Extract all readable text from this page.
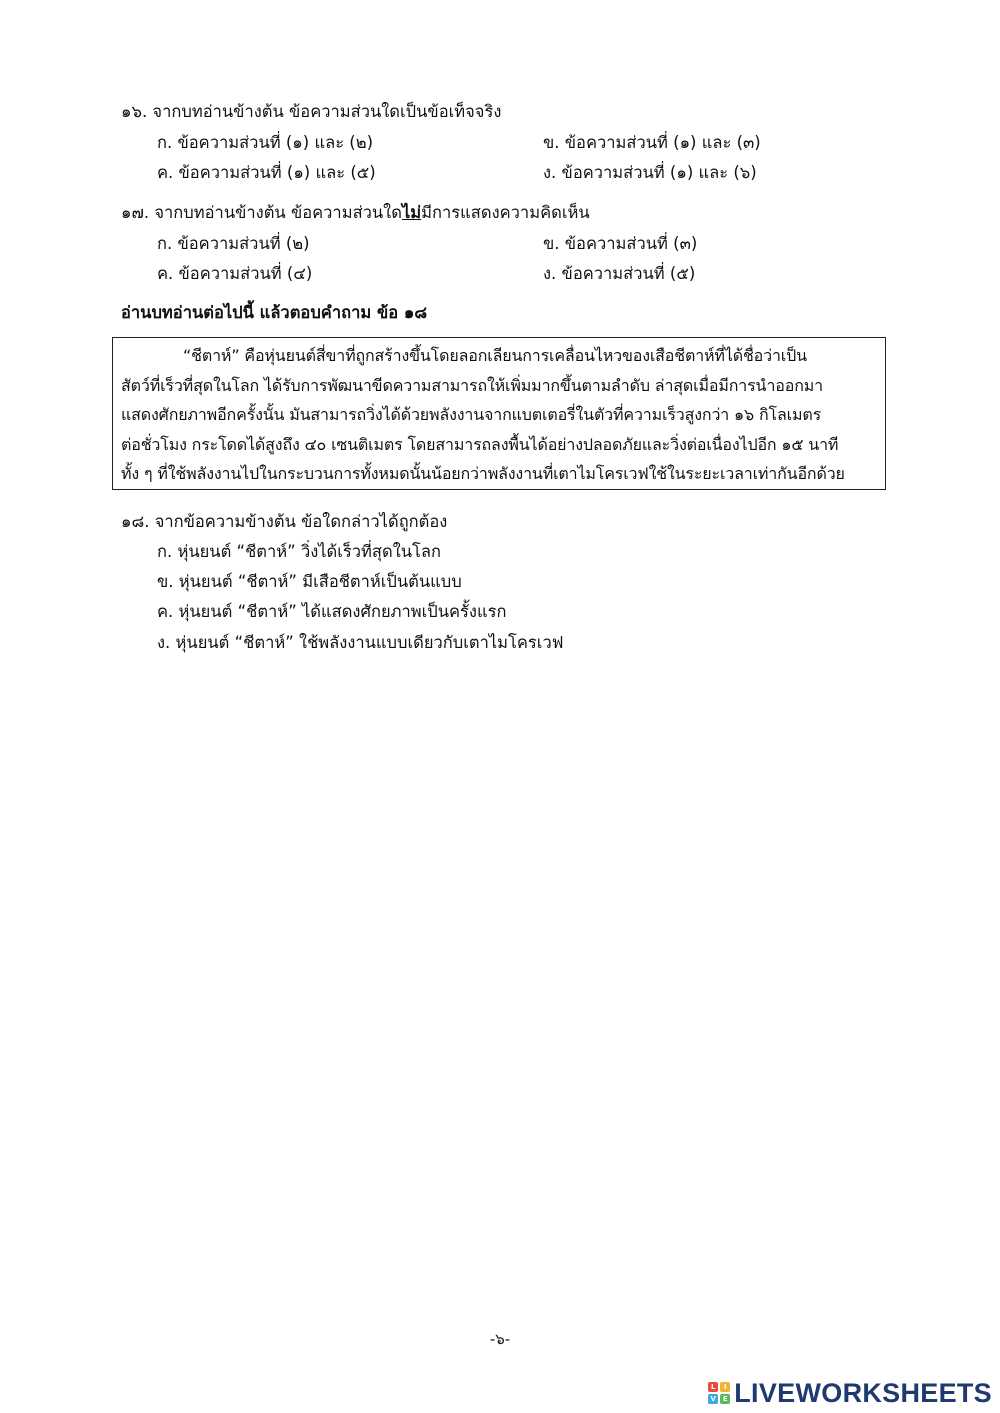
๑๖. จากบทอ่านข้างต้น ข้อความส่วนใดเป็นข้อเท็จจริง
ก. ข้อความส่วนที่ (๑) และ (๒)	ข. ข้อความส่วนที่ (๑) และ (๓)
ค. ข้อความส่วนที่ (๑) และ (๕)	ง. ข้อความส่วนที่ (๑) และ (๖)
๑๗. จากบทอ่านข้างต้น ข้อความส่วนใดไม่มีการแสดงความคิดเห็น
ก. ข้อความส่วนที่ (๒)	ข. ข้อความส่วนที่ (๓)
ค. ข้อความส่วนที่ (๔)	ง. ข้อความส่วนที่ (๕)
อ่านบทอ่านต่อไปนี้ แล้วตอบคำถาม ข้อ ๑๘

“ชีตาห์” คือหุ่นยนต์สี่ขาที่ถูกสร้างขึ้นโดยลอกเลียนการเคลื่อนไหวของเสือชีตาห์ที่ได้ชื่อว่าเป็น

สัตว์ที่เร็วที่สุดในโลก ได้รับการพัฒนาขีดความสามารถให้เพิ่มมากขึ้นตามลำดับ ล่าสุดเมื่อมีการนำออกมา

แสดงศักยภาพอีกครั้งนั้น มันสามารถวิ่งได้ด้วยพลังงานจากแบตเตอรี่ในตัวที่ความเร็วสูงกว่า ๑๖ กิโลเมตร

ต่อชั่วโมง กระโดดได้สูงถึง ๔๐ เซนติเมตร โดยสามารถลงพื้นได้อย่างปลอดภัยและวิ่งต่อเนื่องไปอีก ๑๕ นาที

ทั้ง ๆ ที่ใช้พลังงานไปในกระบวนการทั้งหมดนั้นน้อยกว่าพลังงานที่เตาไมโครเวฟใช้ในระยะเวลาเท่ากันอีกด้วย

๑๘. จากข้อความข้างต้น ข้อใดกล่าวได้ถูกต้อง
ก. หุ่นยนต์ “ชีตาห์” วิ่งได้เร็วที่สุดในโลก
ข. หุ่นยนต์ “ชีตาห์” มีเสือชีตาห์เป็นต้นแบบ
ค. หุ่นยนต์ “ชีตาห์” ได้แสดงศักยภาพเป็นครั้งแรก
ง. หุ่นยนต์ “ชีตาห์” ใช้พลังงานแบบเดียวกับเตาไมโครเวฟ
-๖-
L	I
V E LIVEWORKSHEETS
